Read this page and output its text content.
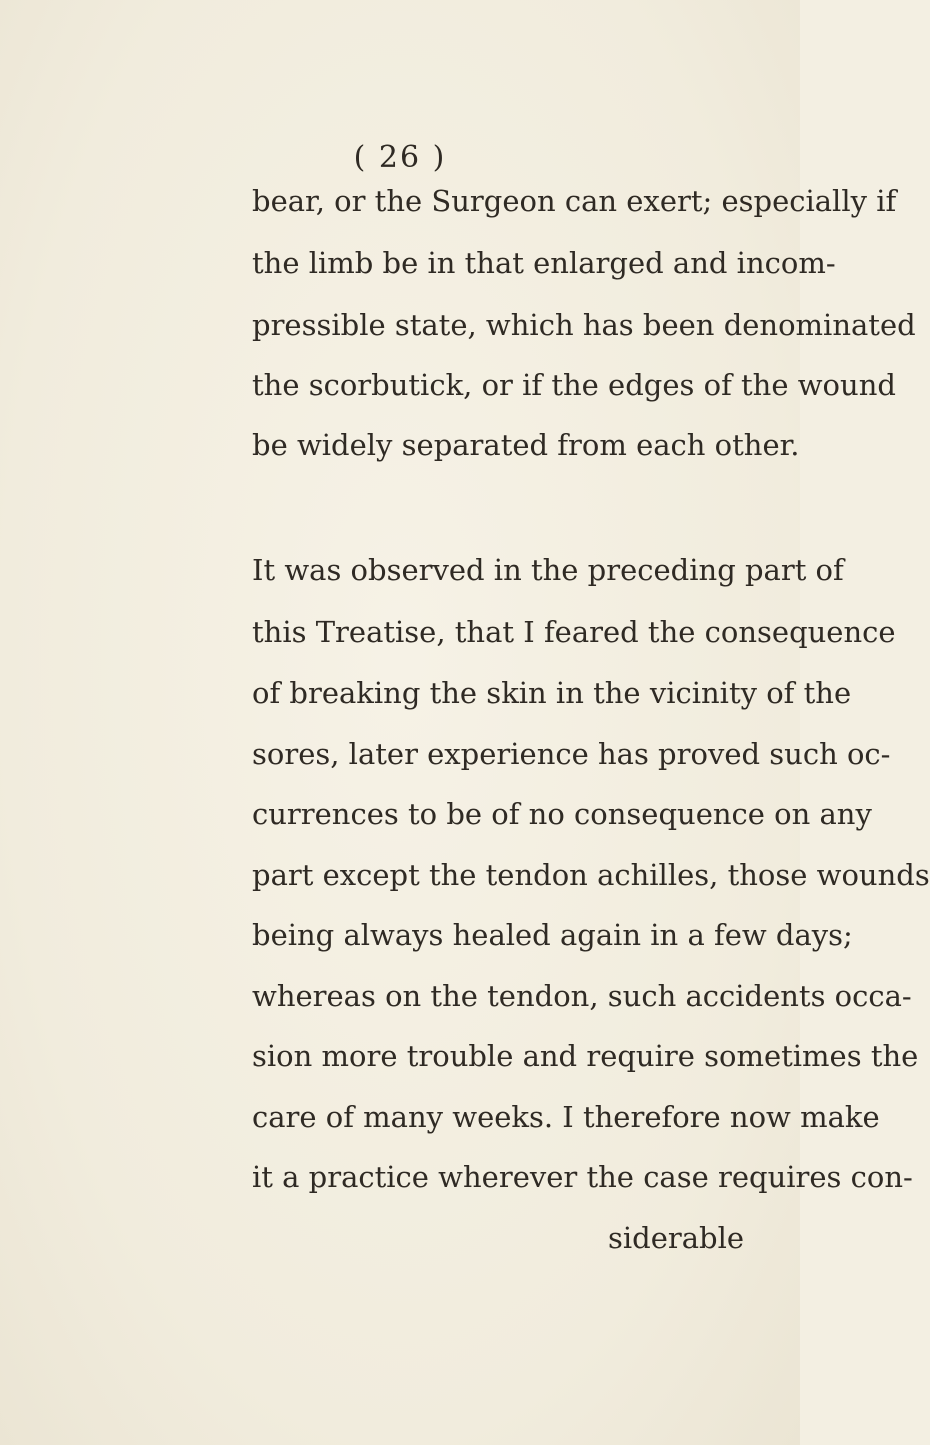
( 26 )
bear, or the Surgeon can exert; especially if
the limb be in that enlarged and incom-
pressible state, which has been denominated
the scorbutick, or if the edges of the wound
be widely separated from each other.
It was observed in the preceding part of
this Treatise, that I feared the consequence
of breaking the skin in the vicinity of the
sores, later experience has proved such oc-
currences to be of no consequence on any
part except the tendon achilles, those wounds
being always healed again in a few days;
whereas on the tendon, such accidents occa-
sion more trouble and require sometimes the
care of many weeks. I therefore now make
it a practice wherever the case requires con-
siderable
